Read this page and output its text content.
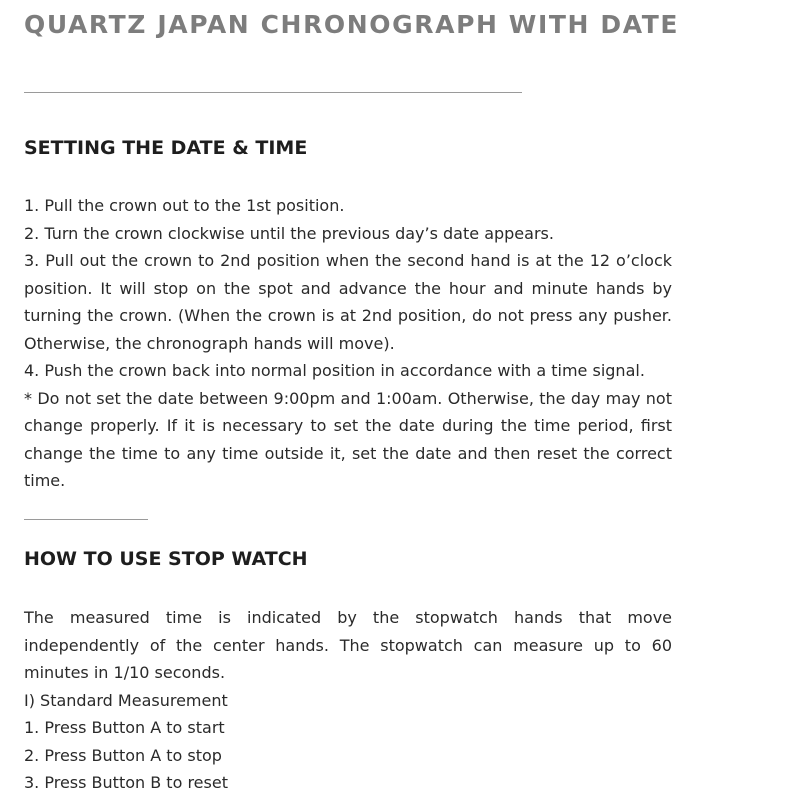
QUARTZ JAPAN CHRONOGRAPH WITH DATE
SETTING THE DATE & TIME

1. Pull the crown out to the 1st position.

2. Turn the crown clockwise until the previous day’s date appears.

3. Pull out the crown to 2nd position when the second hand is at the 12 o’clock position. It will stop on the spot and advance the hour and minute hands by turning the crown. (When the crown is at 2nd position, do not press any pusher. Otherwise, the chronograph hands will move).

4. Push the crown back into normal position in accordance with a time signal.

* Do not set the date between 9:00pm and 1:00am. Otherwise, the day may not change properly. If it is necessary to set the date during the time period, first change the time to any time outside it, set the date and then reset the correct time.

HOW TO USE STOP WATCH

The measured time is indicated by the stopwatch hands that move independently of the center hands. The stopwatch can measure up to 60 minutes in 1/10 seconds.

I) Standard Measurement

1. Press Button A to start

2. Press Button A to stop

3. Press Button B to reset
